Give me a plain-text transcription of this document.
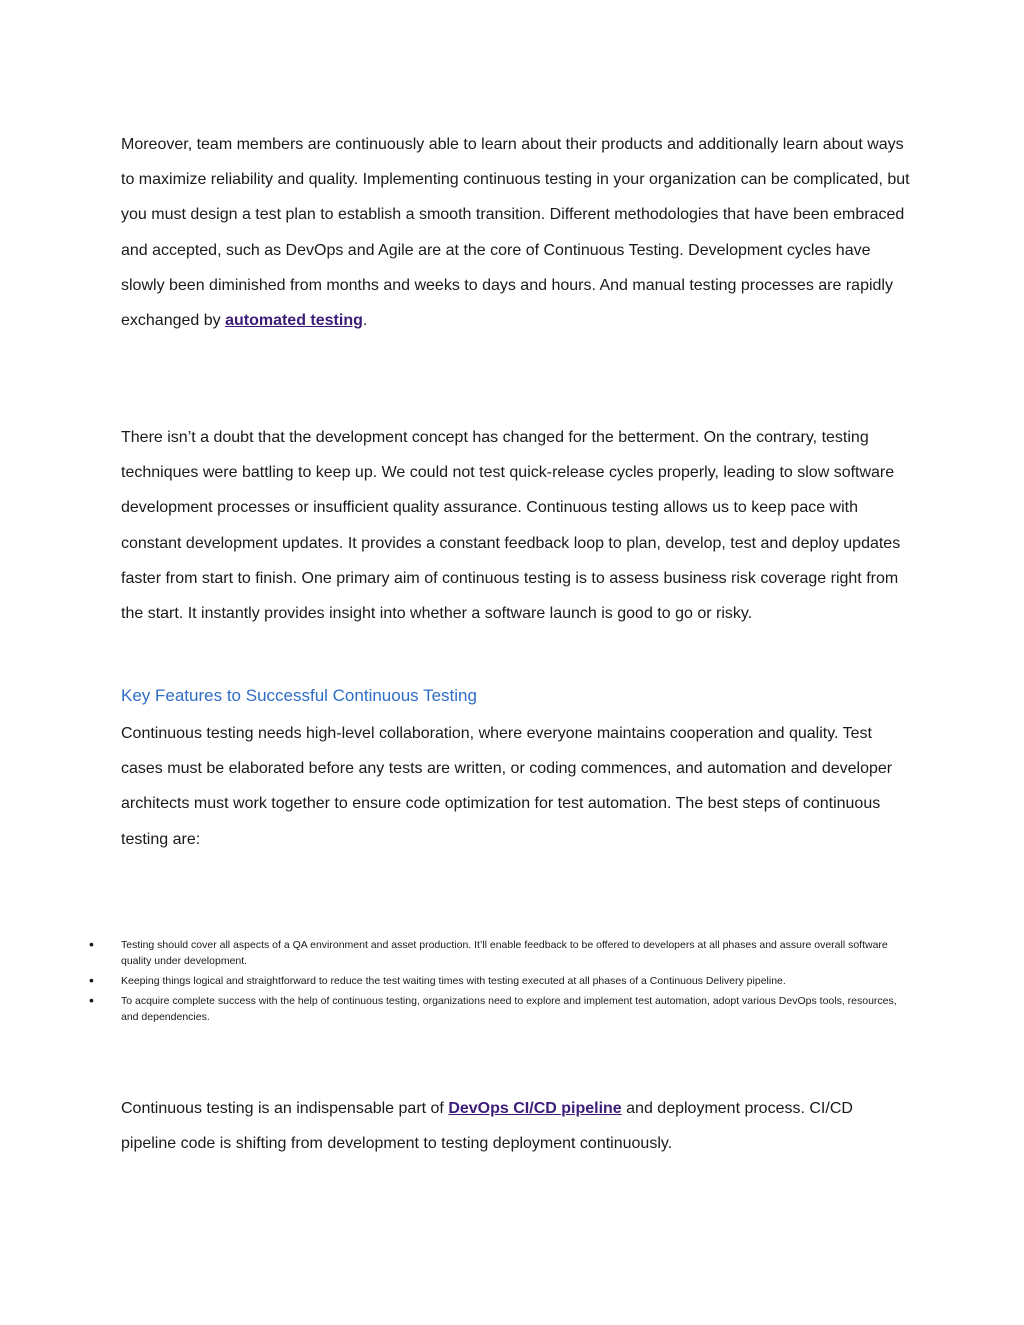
Moreover, team members are continuously able to learn about their products and additionally learn about ways to maximize reliability and quality. Implementing continuous testing in your organization can be complicated, but you must design a test plan to establish a smooth transition. Different methodologies that have been embraced and accepted, such as DevOps and Agile are at the core of Continuous Testing. Development cycles have slowly been diminished from months and weeks to days and hours. And manual testing processes are rapidly exchanged by automated testing.

There isn’t a doubt that the development concept has changed for the betterment. On the contrary, testing techniques were battling to keep up. We could not test quick-release cycles properly, leading to slow software development processes or insufficient quality assurance. Continuous testing allows us to keep pace with constant development updates. It provides a constant feedback loop to plan, develop, test and deploy updates faster from start to finish. One primary aim of continuous testing is to assess business risk coverage right from the start. It instantly provides insight into whether a software launch is good to go or risky.

Key Features to Successful Continuous Testing

Continuous testing needs high-level collaboration, where everyone maintains cooperation and quality. Test cases must be elaborated before any tests are written, or coding commences, and automation and developer architects must work together to ensure code optimization for test automation. The best steps of continuous testing are:

•	Testing should cover all aspects of a QA environment and asset production. It’ll enable feedback to be offered to developers at all phases and assure overall software quality under development.
•	Keeping things logical and straightforward to reduce the test waiting times with testing executed at all phases of a Continuous Delivery pipeline.
•	To acquire complete success with the help of continuous testing, organizations need to explore and implement test automation, adopt various DevOps tools, resources, and dependencies.

Continuous testing is an indispensable part of DevOps CI/CD pipeline and deployment process. CI/CD pipeline code is shifting from development to testing deployment continuously.
